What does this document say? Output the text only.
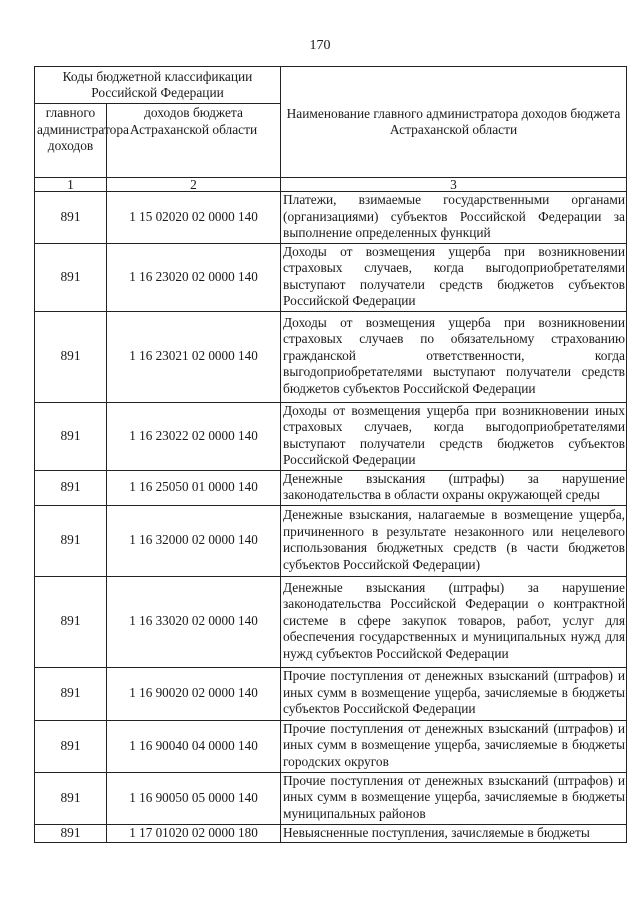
170
Коды бюджетной классификации Российской Федерации		Наименование главного администратора доходов бюджета Астраханской области
главного администратора доходов	доходов бюджета Астраханской области	
1	2	3
891	1 15 02020 02 0000 140	Платежи, взимаемые государственными органами (организациями) субъектов Российской Федерации за выполнение определенных функций
891	1 16 23020 02 0000 140	Доходы от возмещения ущерба при возникновении страховых случаев, когда выгодоприобретателями выступают получатели средств бюджетов субъектов Российской Федерации
891	1 16 23021 02 0000 140	Доходы от возмещения ущерба при возникновении страховых случаев по обязательному страхованию гражданской ответственности, когда выгодоприобретателями выступают получатели средств бюджетов субъектов Российской Федерации
891	1 16 23022 02 0000 140	Доходы от возмещения ущерба при возникновении иных страховых случаев, когда выгодоприобретателями выступают получатели средств бюджетов субъектов Российской Федерации
891	1 16 25050 01 0000 140	Денежные взыскания (штрафы) за нарушение законодательства в области охраны окружающей среды
891	1 16 32000 02 0000 140	Денежные взыскания, налагаемые в возмещение ущерба, причиненного в результате незаконного или нецелевого использования бюджетных средств (в части бюджетов субъектов Российской Федерации)
891	1 16 33020 02 0000 140	Денежные взыскания (штрафы) за нарушение законодательства Российской Федерации о контрактной системе в сфере закупок товаров, работ, услуг для обеспечения государственных и муниципальных нужд для нужд субъектов Российской Федерации
891	1 16 90020 02 0000 140	Прочие поступления от денежных взысканий (штрафов) и иных сумм в возмещение ущерба, зачисляемые в бюджеты субъектов Российской Федерации
891	1 16 90040 04 0000 140	Прочие поступления от денежных взысканий (штрафов) и иных сумм в возмещение ущерба, зачисляемые в бюджеты городских округов
891	1 16 90050 05 0000 140	Прочие поступления от денежных взысканий (штрафов) и иных сумм в возмещение ущерба, зачисляемые в бюджеты муниципальных районов
891	1 17 01020 02 0000 180	Невыясненные поступления, зачисляемые в бюджеты
